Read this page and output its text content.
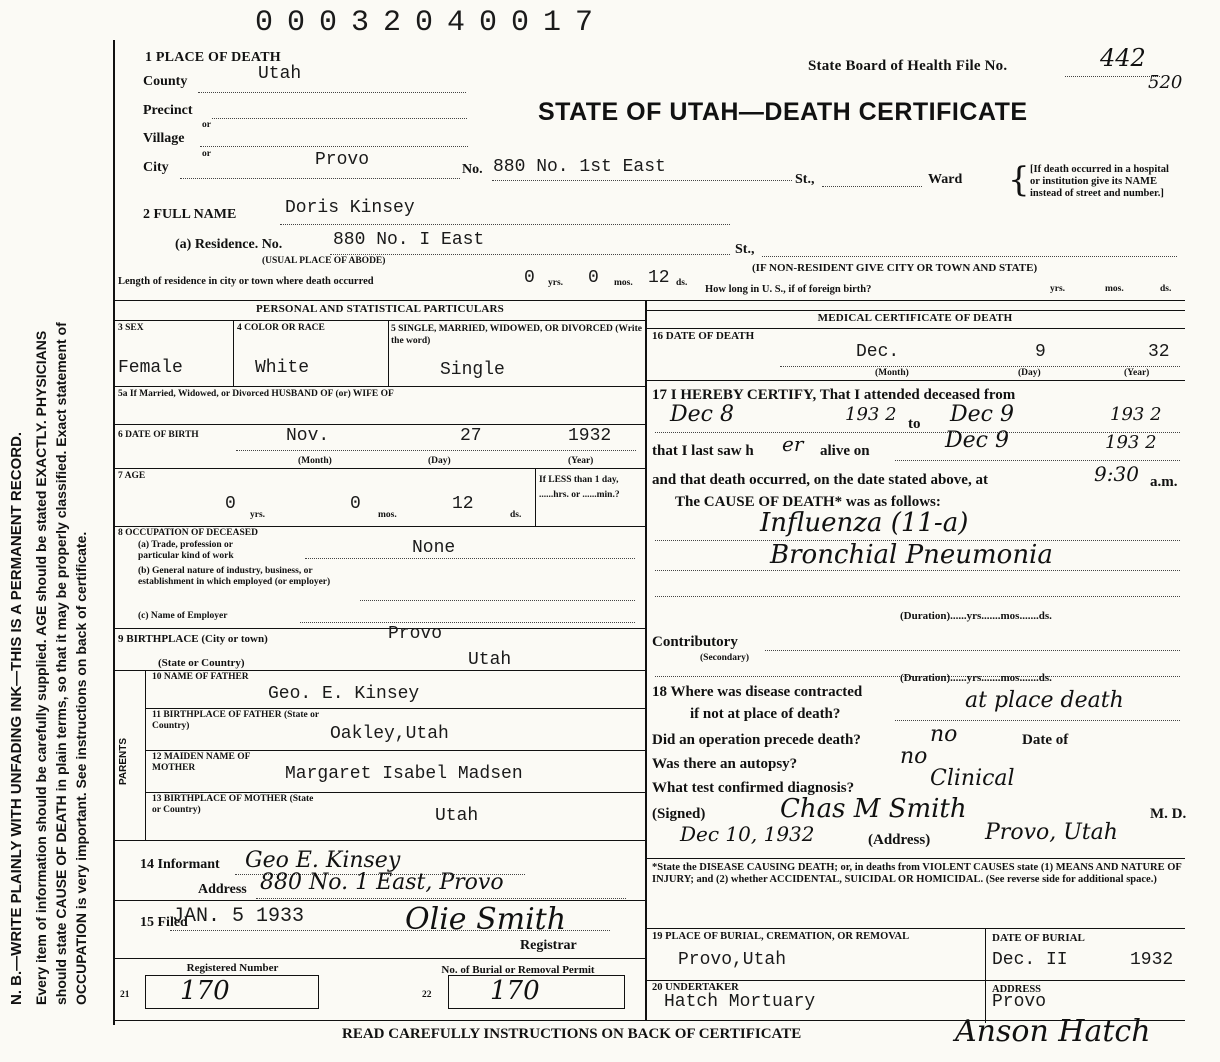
N. B.—WRITE PLAINLY WITH UNFADING INK—THIS IS A PERMANENT RECORD. Every item of information should be carefully supplied. AGE should be stated EXACTLY. PHYSICIANS should state CAUSE OF DEATH in plain terms, so that it may be properly classified. Exact statement of OCCUPATION is very important. See instructions on back of certificate.
00032040017
1 PLACE OF DEATH
State Board of Health File No.	442
520
STATE OF UTAH—DEATH CERTIFICATE
County	Utah
Precinct
or
Village
or
City	Provo	No. 880 No. 1st East
St.,	Ward { [If death occurred in a hospital or institution give its NAME instead of street and number.]
2 FULL NAME	Doris Kinsey
(a) Residence. No.	880 No. I East	St.,
(USUAL PLACE OF ABODE)
(IF NON-RESIDENT GIVE CITY OR TOWN AND STATE)
Length of residence in city or town where death occurred	0 yrs. 0 mos. 12 ds.
How long in U. S., if of foreign birth?	yrs.	mos.	ds.
PERSONAL AND STATISTICAL PARTICULARS
3 SEX	4 COLOR OR RACE	5 SINGLE, MARRIED, WIDOWED, OR DIVORCED (Write the word)
Female	White	Single
5a If Married, Widowed, or Divorced HUSBAND OF (or) WIFE OF
6 DATE OF BIRTH	Nov.	27	1932
(Month)	(Day)	(Year)
7 AGE	If LESS than 1 day, ......hrs. or ......min.?
0
yrs.
0
mos.
12
ds.
8 OCCUPATION OF DECEASED
(a) Trade, profession or particular kind of work
(b) General nature of industry, business, or establishment in which employed (or employer)
None
(c) Name of Employer
9 BIRTHPLACE (City or town)	Provo
(State or Country)	Utah
PARENTS
10 NAME OF FATHER
Geo. E. Kinsey
11 BIRTHPLACE OF FATHER (State or Country)	Oakley,Utah
12 MAIDEN NAME OF MOTHER	Margaret Isabel Madsen
13 BIRTHPLACE OF MOTHER (State or Country)	Utah
14 Informant Geo E. Kinsey
Address 880 No. 1 East, Provo
15 Filed
JAN. 5 1933	Olie Smith
Registrar
Registered Number	No. of Burial or Removal Permit
21 170	22 170
MEDICAL CERTIFICATE OF DEATH
16 DATE OF DEATH
Dec.	9	32
(Month)	(Day)	(Year)
17 I HEREBY CERTIFY, That I attended deceased from
Dec 8	193 2 to Dec 9	193 2
that I last saw h er alive on	Dec 9	193 2
and that death occurred, on the date stated above, at	9:30 a.m.
The CAUSE OF DEATH* was as follows:
Influenza (11-a)
Bronchial Pneumonia
(Duration)......yrs.......mos.......ds.
Contributory
(Secondary)
(Duration)......yrs.......mos.......ds.
18 Where was disease contracted
if not at place of death?
at place death
Did an operation precede death?	no	Date of
Was there an autopsy?	no
What test confirmed diagnosis?	Clinical
(Signed)	Chas M Smith	M. D.
Dec 10, 1932	(Address) Provo, Utah
*State the DISEASE CAUSING DEATH; or, in deaths from VIOLENT CAUSES state (1) MEANS AND NATURE OF INJURY; and (2) whether ACCIDENTAL, SUICIDAL OR HOMICIDAL. (See reverse side for additional space.)
19 PLACE OF BURIAL, CREMATION, OR REMOVAL
Provo,Utah
DATE OF BURIAL
Dec. II	1932
20 UNDERTAKER
Hatch Mortuary
ADDRESS
Provo
READ CAREFULLY INSTRUCTIONS ON BACK OF CERTIFICATE	Anson Hatch
